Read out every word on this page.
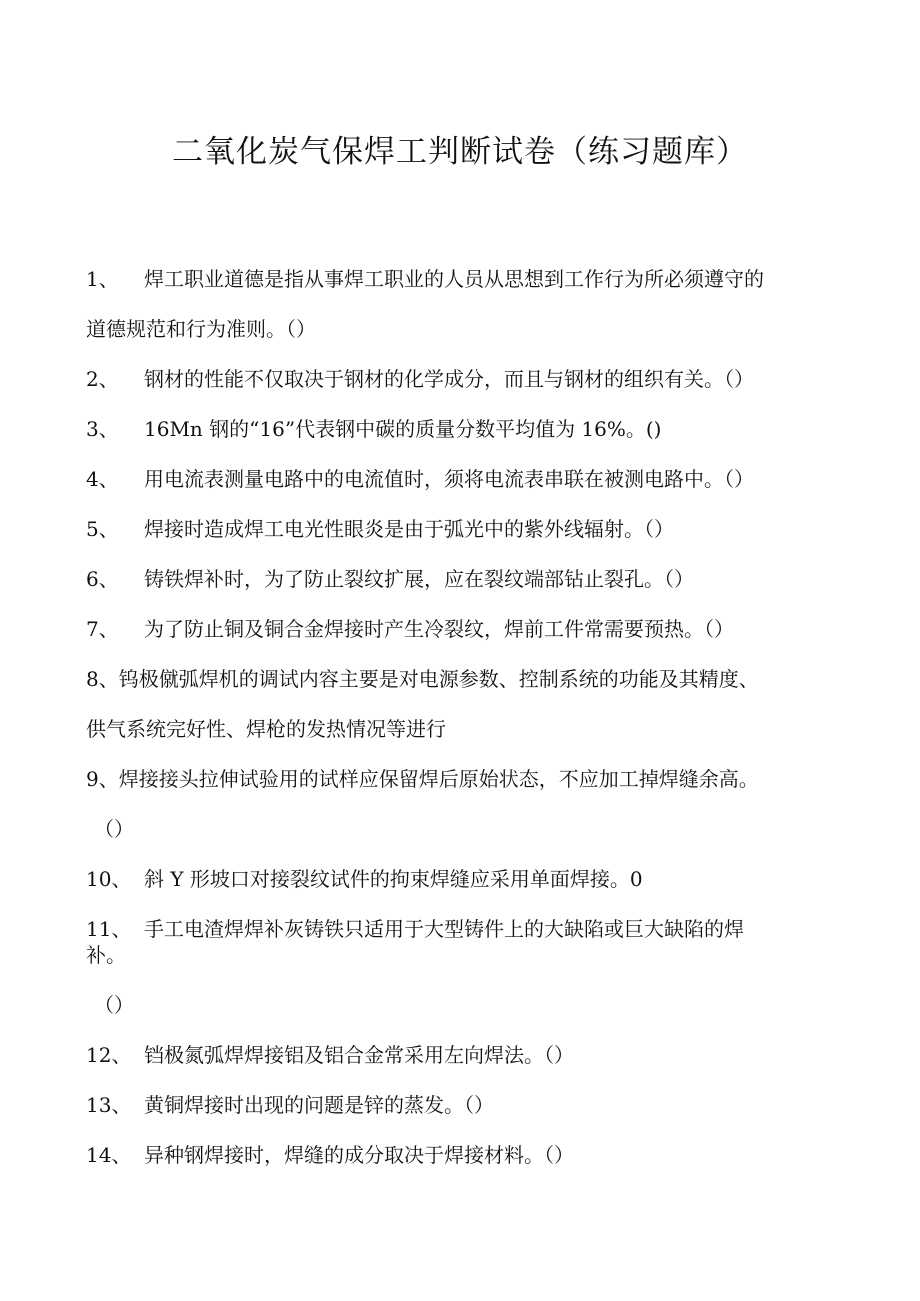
二氧化炭气保焊工判断试卷（练习题库）
1、 焊工职业道德是指从事焊工职业的人员从思想到工作行为所必须遵守的
道德规范和行为准则。（）
2、 钢材的性能不仅取决于钢材的化学成分，而且与钢材的组织有关。（）
3、 16Mn 钢的“16”代表钢中碳的质量分数平均值为 16%。()
4、 用电流表测量电路中的电流值时，须将电流表串联在被测电路中。（）
5、 焊接时造成焊工电光性眼炎是由于弧光中的紫外线辐射。（）
6、 铸铁焊补时，为了防止裂纹扩展，应在裂纹端部钻止裂孔。（）
7、 为了防止铜及铜合金焊接时产生冷裂纹，焊前工件常需要预热。（）
8、钨极僦弧焊机的调试内容主要是对电源参数、控制系统的功能及其精度、
供气系统完好性、焊枪的发热情况等进行
9、焊接接头拉伸试验用的试样应保留焊后原始状态，不应加工掉焊缝余高。
（）
10、 斜 Y 形坡口对接裂纹试件的拘束焊缝应采用单面焊接。0
11、 手工电渣焊焊补灰铸铁只适用于大型铸件上的大缺陷或巨大缺陷的焊
补。
（）
12、 铛极氮弧焊焊接铝及铝合金常采用左向焊法。（）
13、 黄铜焊接时出现的问题是锌的蒸发。（）
14、 异种钢焊接时，焊缝的成分取决于焊接材料。（）
